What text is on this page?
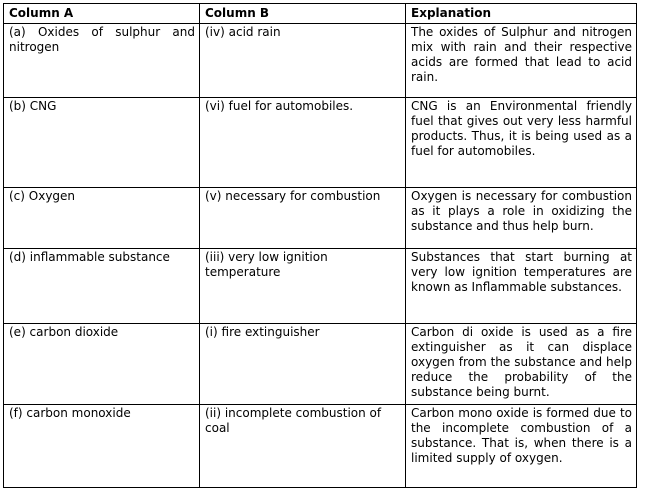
Column A	Column B	Explanation
(a) Oxides of sulphur and nitrogen	(iv) acid rain	The oxides of Sulphur and nitrogen mix with rain and their respective acids are formed that lead to acid rain.
(b) CNG	(vi) fuel for automobiles.	CNG is an Environmental friendly fuel that gives out very less harmful products. Thus, it is being used as a fuel for automobiles.
(c) Oxygen	(v) necessary for combustion	Oxygen is necessary for combustion as it plays a role in oxidizing the substance and thus help burn.
(d) inflammable substance	(iii) very low ignition temperature	Substances that start burning at very low ignition temperatures are known as Inflammable substances.
(e) carbon dioxide	(i) fire extinguisher	Carbon di oxide is used as a fire extinguisher as it can displace oxygen from the substance and help reduce the probability of the substance being burnt.
(f) carbon monoxide	(ii) incomplete combustion of coal	Carbon mono oxide is formed due to the incomplete combustion of a substance. That is, when there is a limited supply of oxygen.
